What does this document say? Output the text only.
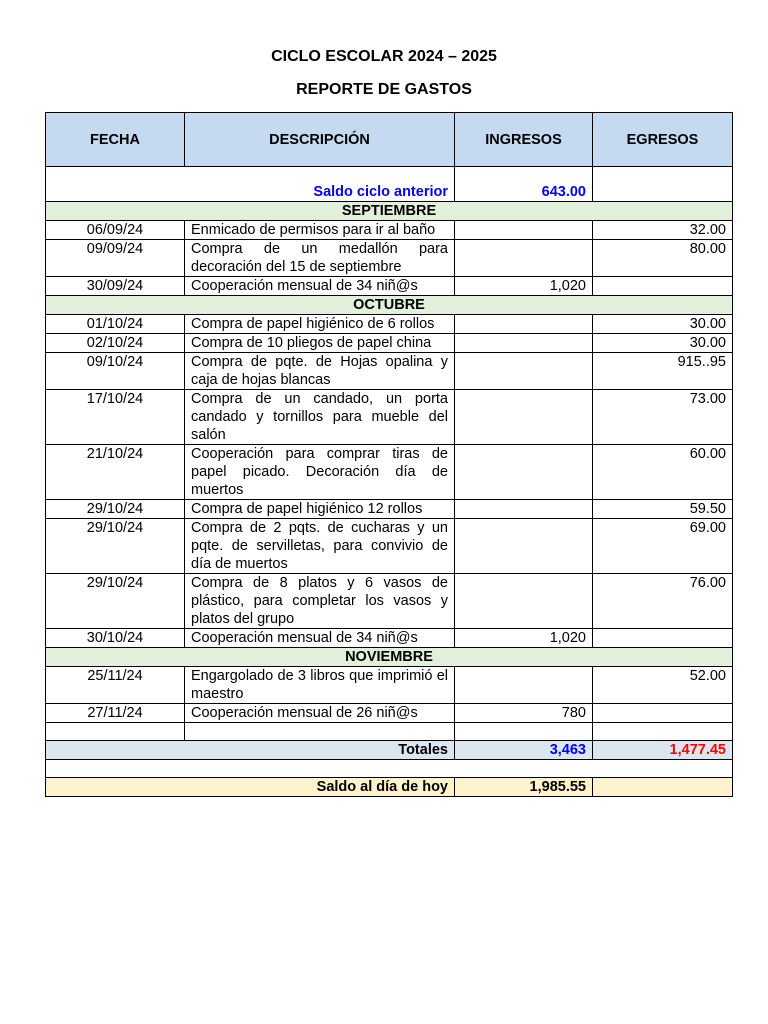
CICLO ESCOLAR 2024 – 2025
REPORTE DE GASTOS
FECHA	DESCRIPCIÓN	INGRESOS	EGRESOS
Saldo ciclo anterior		643.00	
SEPTIEMBRE			
06/09/24	Enmicado de permisos para ir al baño		32.00
09/09/24	Compra de un medallón para decoración del 15 de septiembre		80.00
30/09/24	Cooperación mensual de 34 niñ@s	1,020	
OCTUBRE			
01/10/24	Compra de papel higiénico de 6 rollos		30.00
02/10/24	Compra de 10 pliegos de papel china		30.00
09/10/24	Compra de pqte. de Hojas opalina y caja de hojas blancas		915..95
17/10/24	Compra de un candado, un porta candado y tornillos para mueble del salón		73.00
21/10/24	Cooperación para comprar tiras de papel picado. Decoración día de muertos		60.00
29/10/24	Compra de papel higiénico 12 rollos		59.50
29/10/24	Compra de 2 pqts. de cucharas y un pqte. de servilletas, para convivio de día de muertos		69.00
29/10/24	Compra de 8 platos y 6 vasos de plástico, para completar los vasos y platos del grupo		76.00
30/10/24	Cooperación mensual de 34 niñ@s	1,020	
NOVIEMBRE			
25/11/24	Engargolado de 3 libros que imprimió el maestro		52.00
27/11/24	Cooperación mensual de 26 niñ@s	780	

Totales		3,463	1,477.45

Saldo al día de hoy		1,985.55	
